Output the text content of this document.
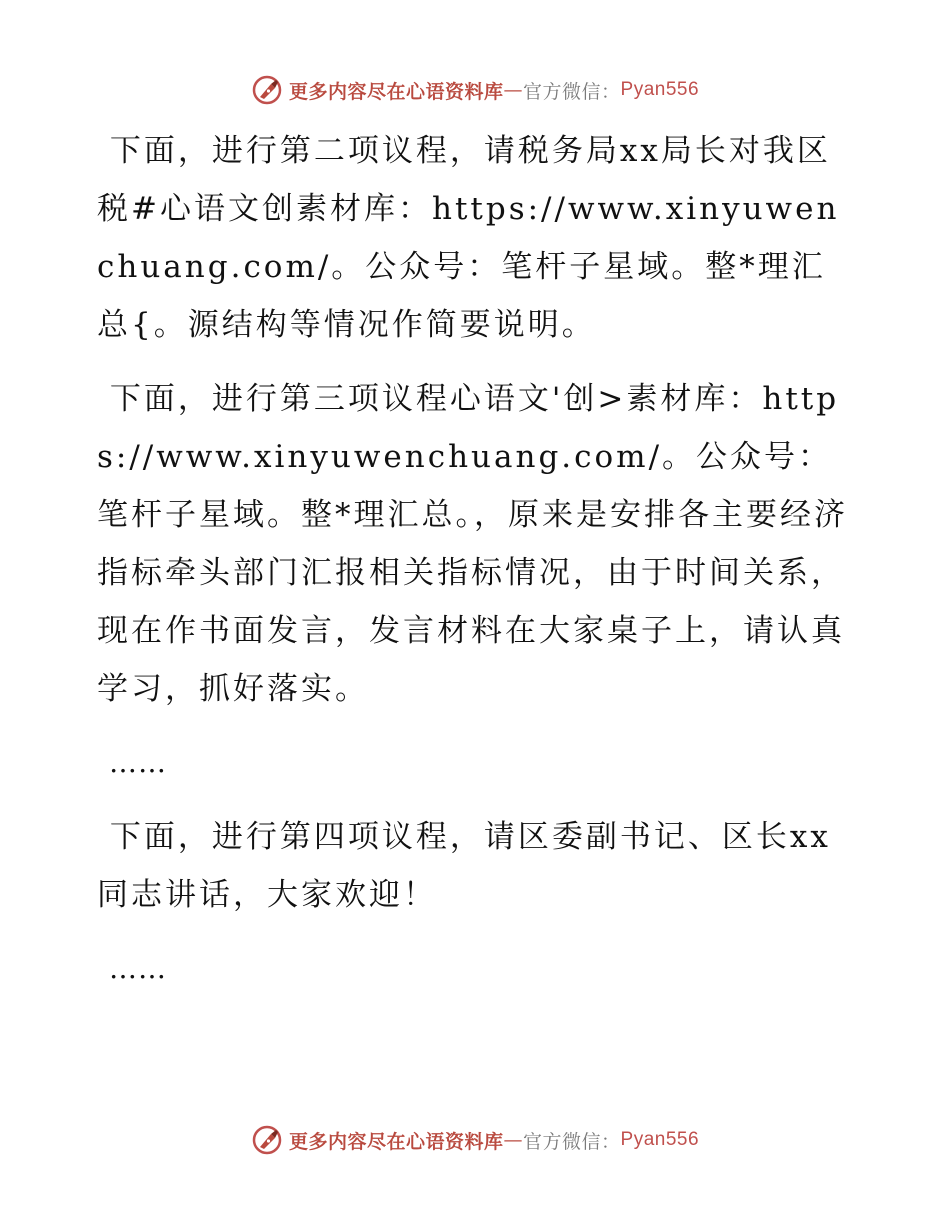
更多内容尽在心语资料库 — 官方微信 ： Pyan556

下面，进行第二项议程，请税务局xx局长对我区税#心语文创素材库：https://www.xinyuwenchuang.com/。公众号：笔杆子星域。整*理汇总{。源结构等情况作简要说明。

下面，进行第三项议程心语文'创>素材库：https://www.xinyuwenchuang.com/。公众号：笔杆子星域。整*理汇总。，原来是安排各主要经济指标牵头部门汇报相关指标情况，由于时间关系，现在作书面发言，发言材料在大家桌子上，请认真学习，抓好落实。

……

下面，进行第四项议程，请区委副书记、区长xx同志讲话，大家欢迎！

……

更多内容尽在心语资料库 — 官方微信 ： Pyan556
